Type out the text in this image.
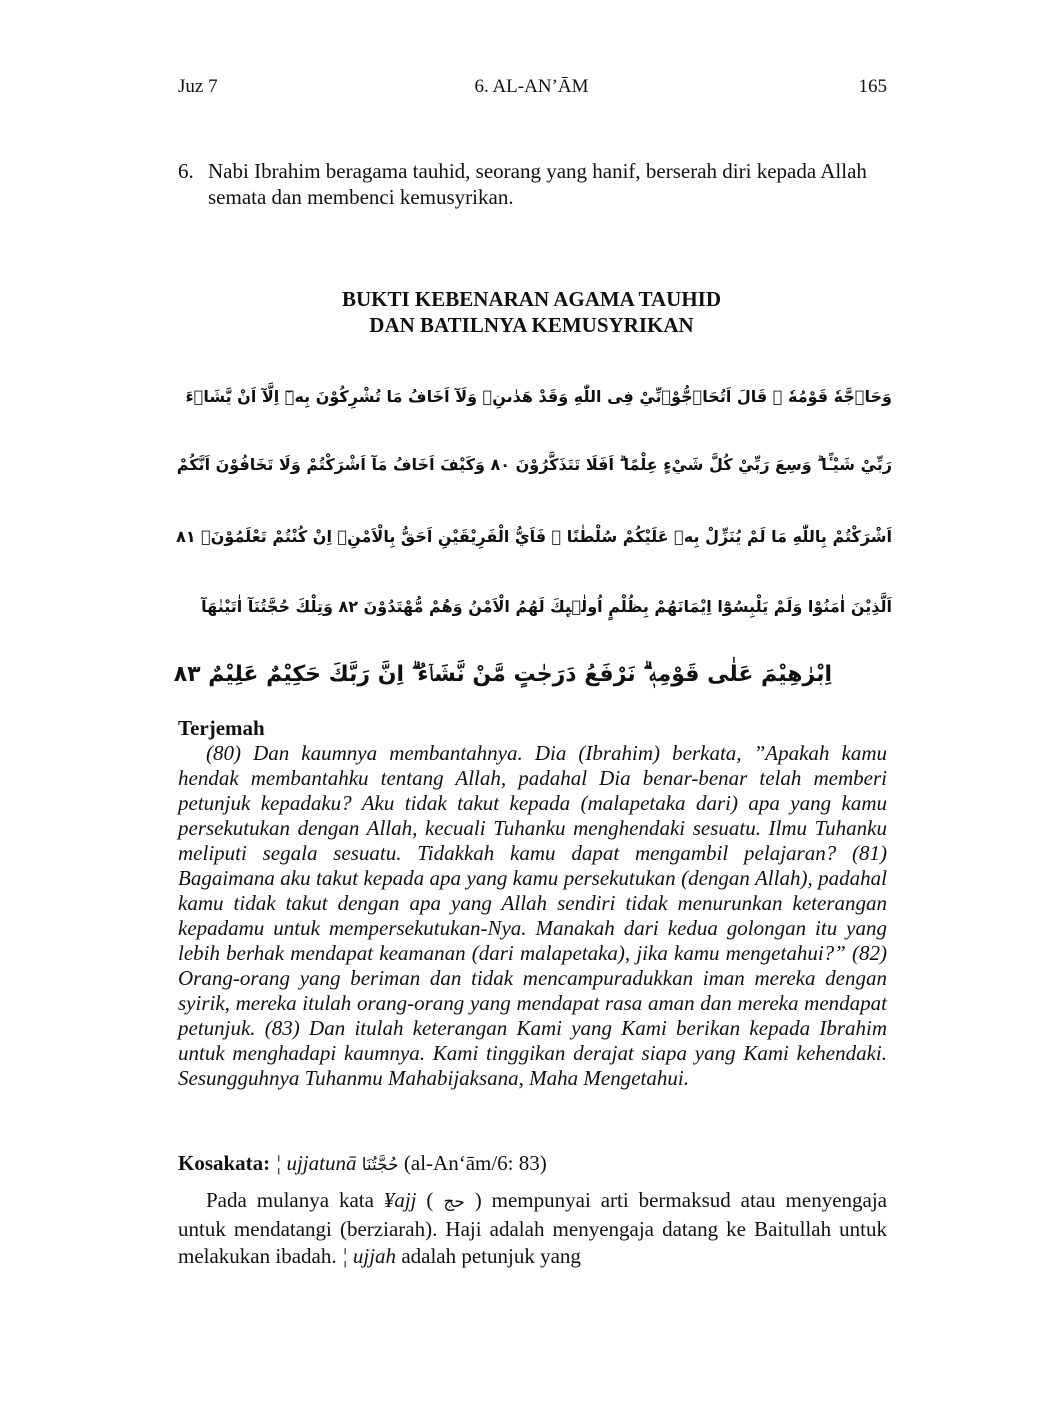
Juz 7	6. AL-AN’ĀM	165
6. Nabi Ibrahim beragama tauhid, seorang yang hanif, berserah diri kepada Allah semata dan membenci kemusyrikan.
BUKTI KEBENARAN AGAMA TAUHID
DAN BATILNYA KEMUSYRIKAN
وَحَاۤجَّهٗ قَوْمُهٗ ۗ قَالَ اَتُحَاۤجُّوْۤنِّيْ فِى اللّٰهِ وَقَدْ هَدٰىنِۗ وَلَآ اَخَافُ مَا تُشْرِكُوْنَ بِهٖٓ اِلَّآ اَنْ يَّشَاۤءَ
رَبِّيْ شَيْـًٔا ۗ وَسِعَ رَبِّيْ كُلَّ شَيْءٍ عِلْمًا ۗ اَفَلَا تَتَذَكَّرُوْنَ ٨٠ وَكَيْفَ اَخَافُ مَآ اَشْرَكْتُمْ وَلَا تَخَافُوْنَ اَنَّكُمْ
اَشْرَكْتُمْ بِاللّٰهِ مَا لَمْ يُنَزِّلْ بِهٖ عَلَيْكُمْ سُلْطٰنًا ۗ فَاَيُّ الْفَرِيْقَيْنِ اَحَقُّ بِالْاَمْنِۚ اِنْ كُنْتُمْ تَعْلَمُوْنَۘ ٨١
اَلَّذِيْنَ اٰمَنُوْا وَلَمْ يَلْبِسُوْٓا اِيْمَانَهُمْ بِظُلْمٍ اُولٰۤىِٕكَ لَهُمُ الْاَمْنُ وَهُمْ مُّهْتَدُوْنَ ٨٢ وَتِلْكَ حُجَّتُنَآ اٰتَيْنٰهَآ
اِبْرٰهِيْمَ عَلٰى قَوْمِهٖ ۗ نَرْفَعُ دَرَجٰتٍ مَّنْ نَّشَاۤءُ ۗ اِنَّ رَبَّكَ حَكِيْمٌ عَلِيْمٌ ٨٣
Terjemah

(80) Dan kaumnya membantahnya. Dia (Ibrahim) berkata, ”Apakah kamu hendak membantahku tentang Allah, padahal Dia benar-benar telah memberi petunjuk kepadaku? Aku tidak takut kepada (malapetaka dari) apa yang kamu persekutukan dengan Allah, kecuali Tuhanku menghendaki sesuatu. Ilmu Tuhanku meliputi segala sesuatu. Tidakkah kamu dapat mengambil pelajaran? (81) Bagaimana aku takut kepada apa yang kamu persekutukan (dengan Allah), padahal kamu tidak takut dengan apa yang Allah sendiri tidak menurunkan keterangan kepadamu untuk mempersekutukan-Nya. Manakah dari kedua golongan itu yang lebih berhak mendapat keamanan (dari malapetaka), jika kamu mengetahui?” (82) Orang-orang yang beriman dan tidak mencampuradukkan iman mereka dengan syirik, mereka itulah orang-orang yang mendapat rasa aman dan mereka mendapat petunjuk. (83) Dan itulah keterangan Kami yang Kami berikan kepada Ibrahim untuk menghadapi kaumnya. Kami tinggikan derajat siapa yang Kami kehendaki. Sesungguhnya Tuhanmu Mahabijaksana, Maha Mengetahui.

Kosakata: ¦ ujjatunā حُجَّتُنَا (al-An‘ām/6: 83)

Pada mulanya kata ¥ajj ( حج ) mempunyai arti bermaksud atau menyengaja untuk mendatangi (berziarah). Haji adalah menyengaja datang ke Baitullah untuk melakukan ibadah. ¦ ujjah adalah petunjuk yang
